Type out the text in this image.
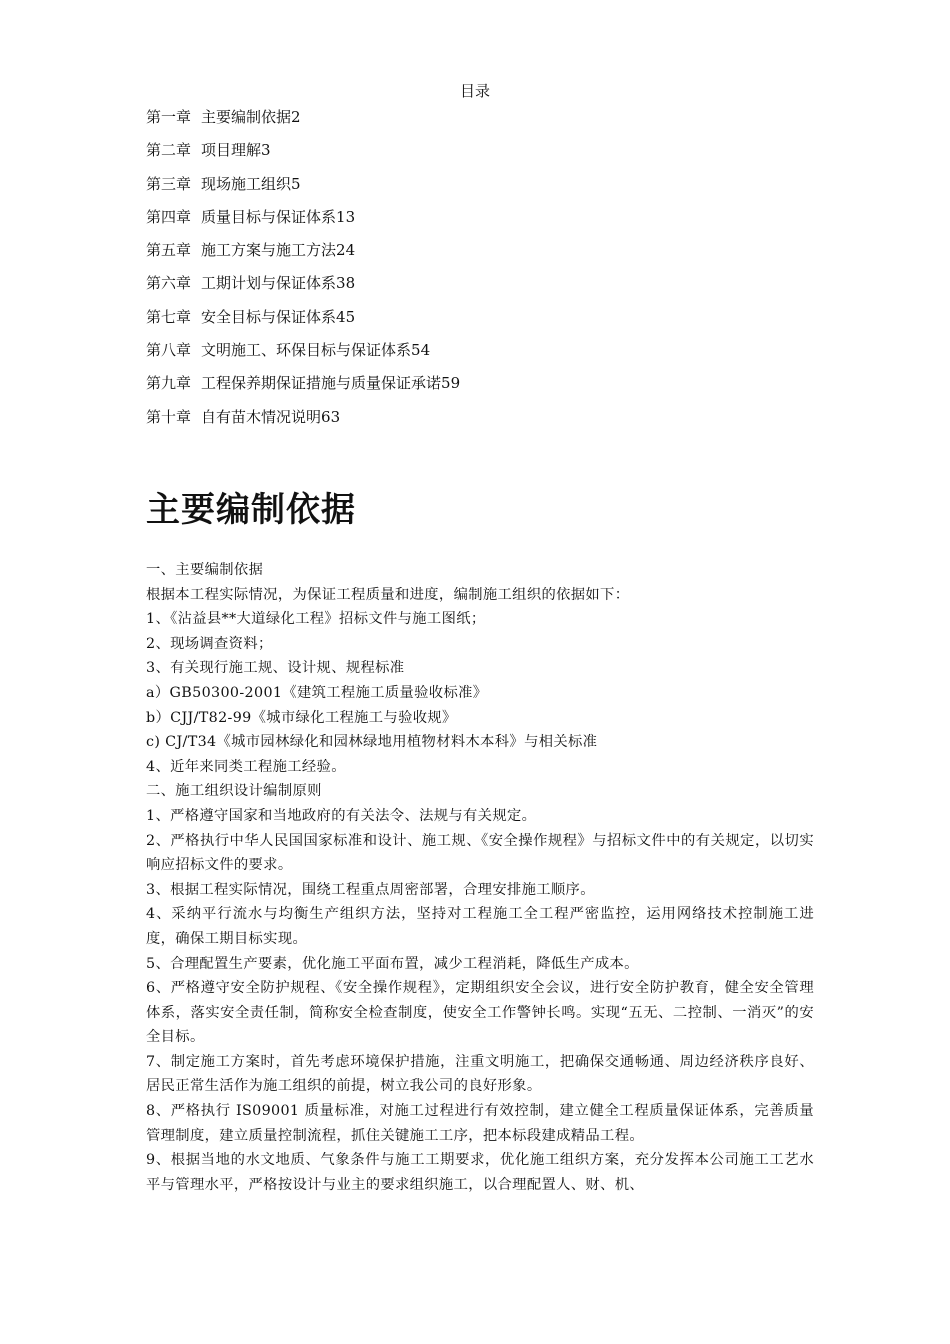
目录
第一章 主要编制依据2
第二章 项目理解3
第三章 现场施工组织5
第四章 质量目标与保证体系13
第五章 施工方案与施工方法24
第六章 工期计划与保证体系38
第七章 安全目标与保证体系45
第八章 文明施工、环保目标与保证体系54
第九章 工程保养期保证措施与质量保证承诺59
第十章 自有苗木情况说明63
主要编制依据

一、主要编制依据

根据本工程实际情况，为保证工程质量和进度，编制施工组织的依据如下：

1、《沾益县**大道绿化工程》招标文件与施工图纸；

2、现场调查资料；

3、有关现行施工规、设计规、规程标准

a）GB50300-2001《建筑工程施工质量验收标准》

b）CJJ/T82-99《城市绿化工程施工与验收规》

c) CJ/T34《城市园林绿化和园林绿地用植物材料木本科》与相关标准

4、近年来同类工程施工经验。

二、施工组织设计编制原则

1、严格遵守国家和当地政府的有关法令、法规与有关规定。

2、严格执行中华人民国国家标准和设计、施工规、《安全操作规程》与招标文件中的有关规定，以切实响应招标文件的要求。

3、根据工程实际情况，围绕工程重点周密部署，合理安排施工顺序。

4、采纳平行流水与均衡生产组织方法，坚持对工程施工全工程严密监控，运用网络技术控制施工进度，确保工期目标实现。

5、合理配置生产要素，优化施工平面布置，减少工程消耗，降低生产成本。

6、严格遵守安全防护规程、《安全操作规程》，定期组织安全会议，进行安全防护教育，健全安全管理体系，落实安全责任制，简称安全检查制度，使安全工作警钟长鸣。实现“五无、二控制、一消灭”的安全目标。

7、制定施工方案时，首先考虑环境保护措施，注重文明施工，把确保交通畅通、周边经济秩序良好、居民正常生活作为施工组织的前提，树立我公司的良好形象。

8、严格执行 IS09001 质量标准，对施工过程进行有效控制，建立健全工程质量保证体系，完善质量管理制度，建立质量控制流程，抓住关键施工工序，把本标段建成精品工程。

9、根据当地的水文地质、气象条件与施工工期要求，优化施工组织方案，充分发挥本公司施工工艺水平与管理水平，严格按设计与业主的要求组织施工，以合理配置人、财、机、
